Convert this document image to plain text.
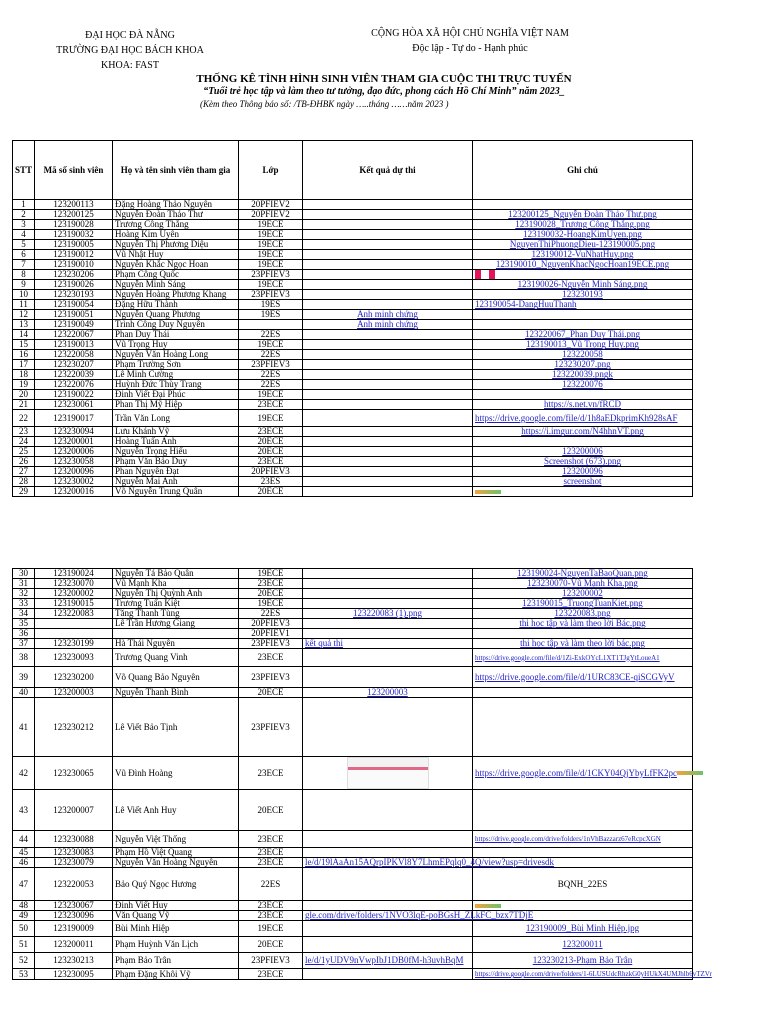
ĐẠI HỌC ĐÀ NẴNG
TRƯỜNG ĐẠI HỌC BÁCH KHOA
KHOA: FAST
CỘNG HÒA XÃ HỘI CHỦ NGHĨA VIỆT NAM
Độc lập - Tự do - Hạnh phúc
THỐNG KÊ TÌNH HÌNH SINH VIÊN THAM GIA CUỘC THI TRỰC TUYẾN
“Tuổi trẻ học tập và làm theo tư tưởng, đạo đức, phong cách Hồ Chí Minh” năm 2023_
(Kèm theo Thông báo số: /TB-ĐHBK ngày …..tháng ……năm 2023 )
STT	Mã số sinh viên	Họ và tên sinh viên tham gia	Lớp	Kết quả dự thi	Ghi chú
1	123200113	Đặng Hoàng Thảo Nguyên	20PFIEV2		
2	123200125	Nguyễn Đoàn Thảo Thư	20PFIEV2		123200125_Nguyễn Đoàn Thảo Thư.png
3	123190028	Trương Công Thắng	19ECE		123190028_Trương Công Thắng.png
4	123190032	Hoàng Kim Uyên	19ECE		123190032-HoangKimUyen.png
5	123190005	Nguyễn Thị Phương Diệu	19ECE		NguyenThiPhuongDieu-123190005.png
6	123190012	Vũ Nhật Huy	19ECE		123190012-VuNhatHuy.png
7	123190010	Nguyễn Khắc Ngọc Hoan	19ECE		123190010_NguyenKhacNgocHoan19ECE.png
8	123230206	Phạm Công Quốc	23PFIEV3		
9	123190026	Nguyễn Minh Sáng	19ECE		123190026-Nguyễn Minh Sáng.png
10	123230193	Nguyễn Hoàng Phương Khang	23PFIEV3		123230193
11	123190054	Đặng Hữu Thành	19ES		123190054-DangHuuThanh
12	123190051	Nguyễn Quang Phương	19ES	Anh minh chứng	
13	123190049	Trình Công Duy Nguyên		Ảnh minh chứng	
14	123220067	Phan Duy Thái	22ES		123220067_Phan Duy Thái.png
15	123190013	Vũ Trọng Huy	19ECE		123190013_Vũ Trọng Huy.png
16	123220058	Nguyễn Văn Hoàng Long	22ES		123220058
17	123230207	Phạm Trường Sơn	23PFIEV3		123230207.png
18	123220039	Lê Minh Cường	22ES		123220039.pngk
19	123220076	Huỳnh Đức Thùy Trang	22ES		123220076
20	123190022	Đinh Viết Đại Phúc	19ECE		
21	123230061	Phan Thị Mỹ Hiệp	23ECE		https://s.net.vn/fRCD
22	123190017	Trần Văn Long	19ECE		https://drive.google.com/file/d/1h8aEDkprimKh928sAF
23	123230094	Lưu Khánh Vỹ	23ECE		https://i.imgur.com/N4hhnVT.png
24	123200001	Hoàng Tuấn Anh	20ECE		
25	123200006	Nguyễn Trọng Hiếu	20ECE		123200006
26	123230058	Phạm Văn Bảo Duy	23ECE		Screenshot (673).png
27	123200096	Phan Nguyên Đạt	20PFIEV3		123200096
28	123230002	Nguyễn Mai Anh	23ES		screenshot
29	123200016	Võ Nguyễn Trung Quân	20ECE		
30	123190024	Nguyễn Tá Bảo Quân	19ECE		123190024-NguyenTaBaoQuan.png
31	123230070	Vũ Mạnh Kha	23ECE		123230070-Vũ Mạnh Kha.png
32	123200002	Nguyễn Thị Quỳnh Anh	20ECE		123200002
33	123190015	Trương Tuấn Kiệt	19ECE		123190015_TruongTuanKiet.png
34	123220083	Tăng Thanh Tùng	22ES	123220083 (1).png	123220083.png
35		Lê Trần Hương Giang	20PFIEV3		thi học tập và làm theo lời Bác.png
36			20PFIEV1		
37	123230199	Hà Thái Nguyên	23PFIEV3	kết quả thi	thi học tập và làm theo lời bác.png
38	123230093	Trương Quang Vinh	23ECE		https://drive.google.com/file/d/1Zi-ExkOYcL1XT1TJgYtLoueA1
39	123230200	Võ Quang Bảo Nguyên	23PFIEV3		https://drive.google.com/file/d/1URC83CE-qiSCGVyV
40	123200003	Nguyễn Thanh Bình	20ECE	123200003	
41	123230212	Lê Viết Bảo Tịnh	23PFIEV3		
42	123230065	Vũ Đình Hoàng	23ECE		https://drive.google.com/file/d/1CKY04QjYbyLfFK2pc
43	123200007	Lê Viết Anh Huy	20ECE		
44	123230088	Nguyễn Việt Thống	23ECE		https://drive.google.com/drive/folders/1nVhBazzarz67eRcpcXGN
45	123230083	Phạm Hồ Việt Quang	23ECE		
46	123230079	Nguyễn Văn Hoàng Nguyên	23ECE	le/d/19lAaAn15AQrpIPKVl8Y7LhmEPqlq0_4Q/view?usp=drivesdk	
47	123220053	Bảo Quý Ngọc Hương	22ES		BQNH_22ES
48	123230067	Đinh Viết Huy	23ECE		
49	123230096	Văn Quang Vỹ	23ECE	gle.com/drive/folders/1NVO3lqE-poBGsH_ZLkFC_bzx7TDjE	
50	123190009	Bùi Minh Hiệp	19ECE		123190009_Bùi Minh Hiệp.jpg
51	123200011	Phạm Huỳnh Văn Lịch	20ECE		123200011
52	123230213	Phạm Bảo Trân	23PFIEV3	le/d/1yUDV9nVwpIbJ1DB0fM-h3uvhBqM	123230213-Phạm Bảo Trân
53	123230095	Phạm Đặng Khôi Vỹ	23ECE		https://drive.google.com/drive/folders/1-6LUSUdcRhzkG0yHUkX4UMJhlb6vTZVr
